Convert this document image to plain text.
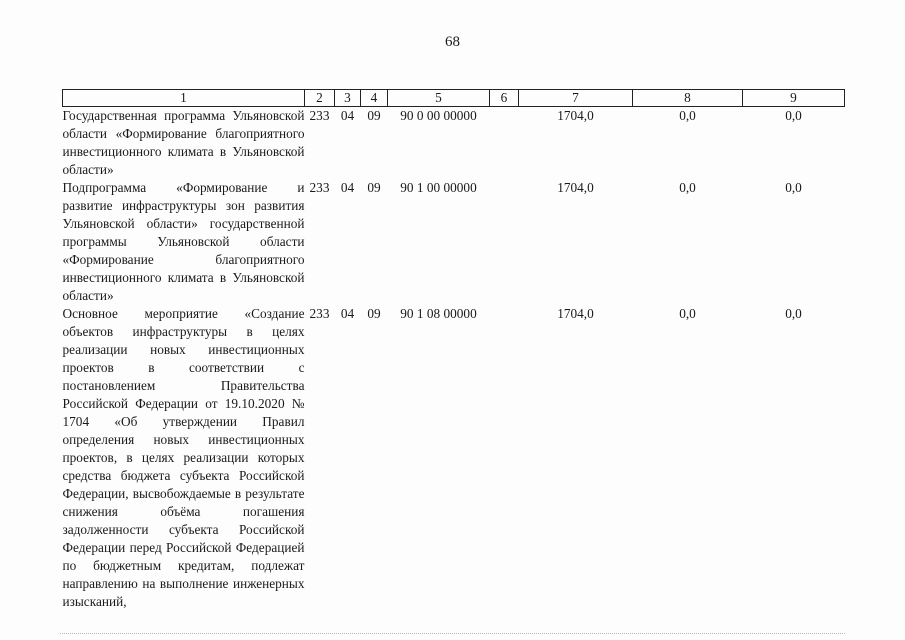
68
1	2	3	4	5	6	7	8	9
Государственная программа Ульяновской области «Формирование благоприятного инвестиционного климата в Ульяновской области»	233	04	09	90 0 00 00000		1704,0	0,0	0,0
Подпрограмма «Формирование и развитие инфраструктуры зон развития Ульяновской области» государственной программы Ульяновской области «Формирование благоприятного инвестиционного климата в Ульяновской области»	233	04	09	90 1 00 00000		1704,0	0,0	0,0
Основное мероприятие «Создание объектов инфраструктуры в целях реализации новых инвестиционных проектов в соответствии с постановлением Правительства Российской Федерации от 19.10.2020 № 1704 «Об утверждении Правил определения новых инвестиционных проектов, в целях реализации которых средства бюджета субъекта Российской Федерации, высвобождаемые в результате снижения объёма погашения задолженности субъекта Российской Федерации перед Российской Федерацией по бюджетным кредитам, подлежат направлению на выполнение инженерных изысканий,	233	04	09	90 1 08 00000		1704,0	0,0	0,0
